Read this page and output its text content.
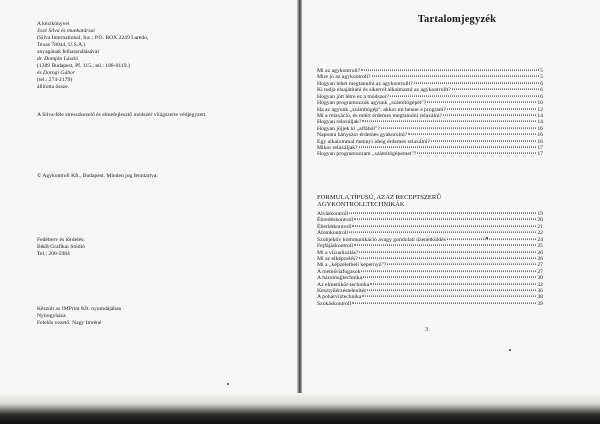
A kézikönyvet

José Silva és munkatársai

(Silva International, Inc.; P.O. BOX 2249 Laredo,

Texas 78044, U.S.A.)

anyagának felhasználásával

dr. Domján László

(1389 Budapest, Pf. 115.; tel.: 188-0119.)

és Dorogi Gábor

(tel.: 274-2179)

állította össze.

A Silva-féle stresszkezelő és elmefejlesztő módszer világszerte védjegyzett.

© Agykontroll Kft., Budapest. Minden jog fenntartva.

Fedélterv és tördelés:

B&B Grafikai Stúdió

Tel.: 208-5984

Készült az IMPrint Kft. nyomdájában

Nyíregyháza

Felelős vezető: Nagy Imréné

Tartalomjegyzék
Mi az agykontroll?	5
Mire jó az agykontroll?	5
Hogyan lehet megtanulni az agykontrollt?	6
Ki tudja elsajátítani és sikerrel alkalmazni az agykontrollt?	6
Hogyan jött létre ez a módszer?	6
Hogyan programozzuk agyunk „számítógépét"?	10
Ha az agyunk „számítógép", akkor mi benne a program?	12
Mi a relaxáció, és miért érdemes megtanulni relaxálni?	14
Hogyan relaxáljak?	14
Hogyan jöjjek ki „alfából"?	16
Naponta hányszor érdemes gyakorolni?	16
Egy alkalommal mennyi ideig érdemes relaxálni?	16
Mikor relaxáljak?	17
Hogyan programozzam „számítógépemet"?	17
FORMULA TÍPUSÚ, AZAZ RECEPTSZERŰ
AGYKONTROLLTECHNIKÁK
Alváskontroll	19
Ébredéskontroll	20
Éberlétkontroll	21
Álomkontroll	22
Szubjektív kommunikáció avagy gondolati üzenetküldés	24
Fejfájáskontroll	25
Mi a vizualizálás?	26
Mi az elképzelés?	26
Mi a „képzeletbeli képernyő"?	27
A memóriafogasok	27
A háromujjtechnika	30
Az elmetükör-technika	32
Kesztyűérzéstelenítés	36
A pohárvíztechnika	38
Szokáskontroll	39
3
